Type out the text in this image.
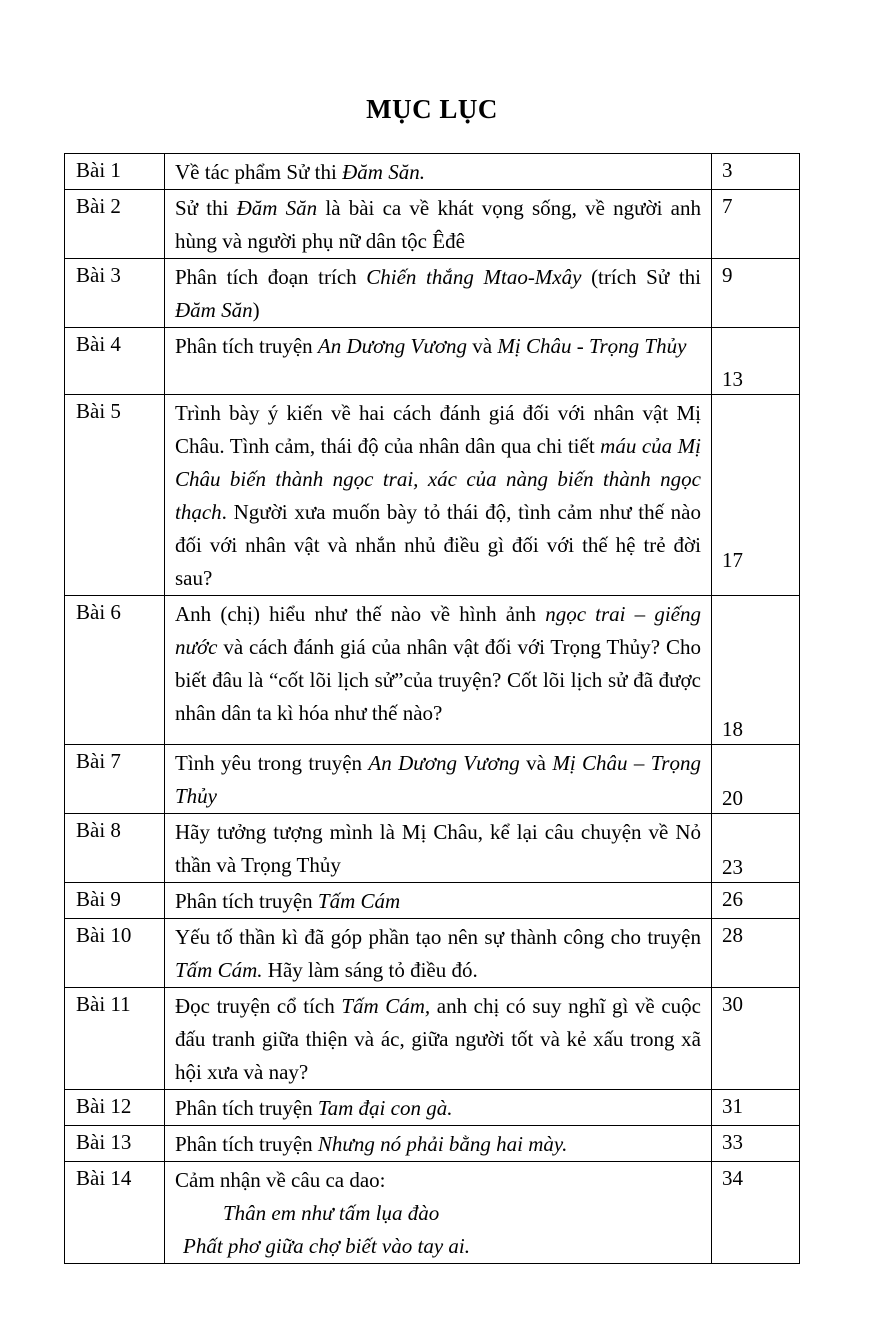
MỤC LỤC
Bài 1	Về tác phẩm Sử thi Đăm Săn.	3
Bài 2	Sử thi Đăm Săn là bài ca về khát vọng sống, về người anh hùng và người phụ nữ dân tộc Êđê	7
Bài 3	Phân tích đoạn trích Chiến thắng Mtao-Mxây (trích Sử thi Đăm Săn)	9
Bài 4	Phân tích truyện An Dương Vương và Mị Châu - Trọng Thủy	13
Bài 5	Trình bày ý kiến về hai cách đánh giá đối với nhân vật Mị Châu. Tình cảm, thái độ của nhân dân qua chi tiết máu của Mị Châu biến thành ngọc trai, xác của nàng biến thành ngọc thạch. Người xưa muốn bày tỏ thái độ, tình cảm như thế nào đối với nhân vật và nhắn nhủ điều gì đối với thế hệ trẻ đời sau?	17
Bài 6	Anh (chị) hiểu như thế nào về hình ảnh ngọc trai – giếng nước và cách đánh giá của nhân vật đối với Trọng Thủy? Cho biết đâu là “cốt lõi lịch sử”của truyện? Cốt lõi lịch sử đã được nhân dân ta kì hóa như thế nào?	18
Bài 7	Tình yêu trong truyện An Dương Vương và Mị Châu – Trọng Thủy	20
Bài 8	Hãy tưởng tượng mình là Mị Châu, kể lại câu chuyện về Nỏ thần và Trọng Thủy	23
Bài 9	Phân tích truyện Tấm Cám	26
Bài 10	Yếu tố thần kì đã góp phần tạo nên sự thành công cho truyện Tấm Cám. Hãy làm sáng tỏ điều đó.	28
Bài 11	Đọc truyện cổ tích Tấm Cám, anh chị có suy nghĩ gì về cuộc đấu tranh giữa thiện và ác, giữa người tốt và kẻ xấu trong xã hội xưa và nay?	30
Bài 12	Phân tích truyện Tam đại con gà.	31
Bài 13	Phân tích truyện Nhưng nó phải bằng hai mày.	33
Bài 14	Cảm nhận về câu ca dao:
Thân em như tấm lụa đào
Phất phơ giữa chợ biết vào tay ai.	34
